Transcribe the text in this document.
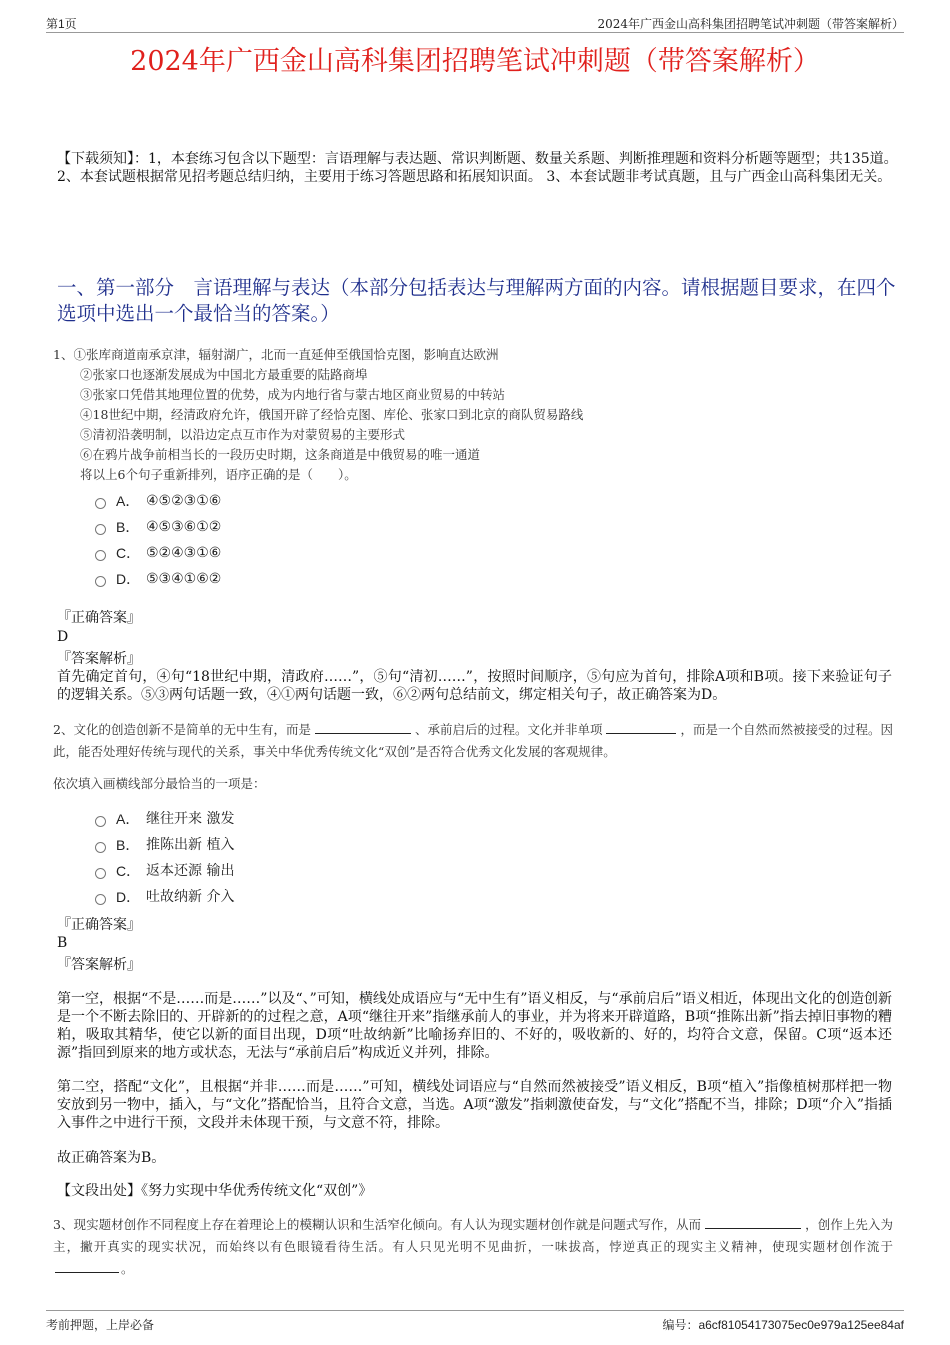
第1页	2024年广西金山高科集团招聘笔试冲刺题（带答案解析）
2024年广西金山高科集团招聘笔试冲刺题（带答案解析）
【下载须知】：1，本套练习包含以下题型：言语理解与表达题、常识判断题、数量关系题、判断推理题和资料分析题等题型；共135道。 2、本套试题根据常见招考题总结归纳，主要用于练习答题思路和拓展知识面。 3、本套试题非考试真题，且与广西金山高科集团无关。
一、第一部分　言语理解与表达（本部分包括表达与理解两方面的内容。请根据题目要求，在四个选项中选出一个最恰当的答案。）
1、①张库商道南承京津，辐射湖广，北而一直延伸至俄国恰克图，影响直达欧洲
②张家口也逐渐发展成为中国北方最重要的陆路商埠
③张家口凭借其地理位置的优势，成为内地行省与蒙古地区商业贸易的中转站
④18世纪中期，经清政府允许，俄国开辟了经恰克图、库伦、张家口到北京的商队贸易路线
⑤清初沿袭明制，以沿边定点互市作为对蒙贸易的主要形式
⑥在鸦片战争前相当长的一段历史时期，这条商道是中俄贸易的唯一通道
将以上6个句子重新排列，语序正确的是（　　）。
A． ④⑤②③①⑥
B． ④⑤③⑥①②
C． ⑤②④③①⑥
D． ⑤③④①⑥②
『正确答案』
D
『答案解析』
首先确定首句，④句“18世纪中期，清政府……”，⑤句“清初……”，按照时间顺序，⑤句应为首句，排除A项和B项。接下来验证句子的逻辑关系。⑤③两句话题一致，④①两句话题一致，⑥②两句总结前文，绑定相关句子，故正确答案为D。
2、文化的创造创新不是简单的无中生有，而是	、承前启后的过程。文化并非单项	，而是一个自然而然被接受的过程。因此，能否处理好传统与现代的关系，事关中华优秀传统文化“双创”是否符合优秀文化发展的客观规律。
依次填入画横线部分最恰当的一项是：
A． 继往开来 激发
B． 推陈出新 植入
C． 返本还源 输出
D． 吐故纳新 介入
『正确答案』
B
『答案解析』
第一空，根据“不是……而是……”以及“、”可知，横线处成语应与“无中生有”语义相反，与“承前启后”语义相近，体现出文化的创造创新是一个不断去除旧的、开辟新的的过程之意，A项“继往开来”指继承前人的事业，并为将来开辟道路，B项“推陈出新”指去掉旧事物的糟粕，吸取其精华，使它以新的面目出现，D项“吐故纳新”比喻扬弃旧的、不好的，吸收新的、好的，均符合文意，保留。C项“返本还源”指回到原来的地方或状态，无法与“承前启后”构成近义并列，排除。
第二空，搭配“文化”，且根据“并非……而是……”可知，横线处词语应与“自然而然被接受”语义相反，B项“植入”指像植树那样把一物安放到另一物中，插入，与“文化”搭配恰当，且符合文意，当选。A项“激发”指刺激使奋发，与“文化”搭配不当，排除；D项“介入”指插入事件之中进行干预，文段并未体现干预，与文意不符，排除。
故正确答案为B。
【文段出处】《努力实现中华优秀传统文化“双创”》
3、现实题材创作不同程度上存在着理论上的模糊认识和生活窄化倾向。有人认为现实题材创作就是问题式写作，从而	，创作上先入为主，撇开真实的现实状况，而始终以有色眼镜看待生活。有人只见光明不见曲折，一味拔高，悖逆真正的现实主义精神，使现实题材创作流于。
考前押题，上岸必备	编号：a6cf81054173075ec0e979a125ee84af
